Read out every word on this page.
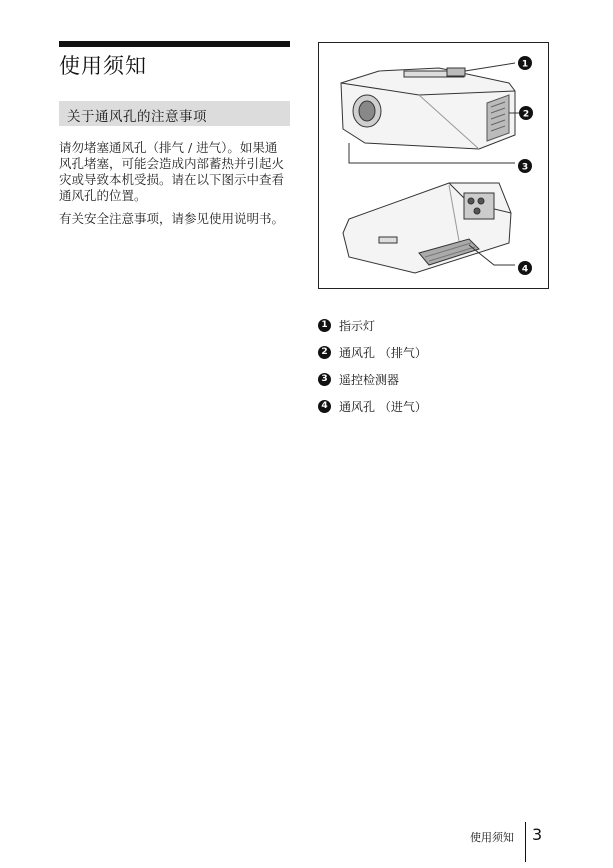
使用须知
关于通风孔的注意事项

请勿堵塞通风孔（排气 / 进气）。如果通风孔堵塞，可能会造成内部蓄热并引起火灾或导致本机受损。请在以下图示中查看通风孔的位置。

有关安全注意事项，请参见使用说明书。

1
2
3
4
1 指示灯
2 通风孔 （排气）
3 遥控检测器
4 通风孔 （进气）
使用须知 3
